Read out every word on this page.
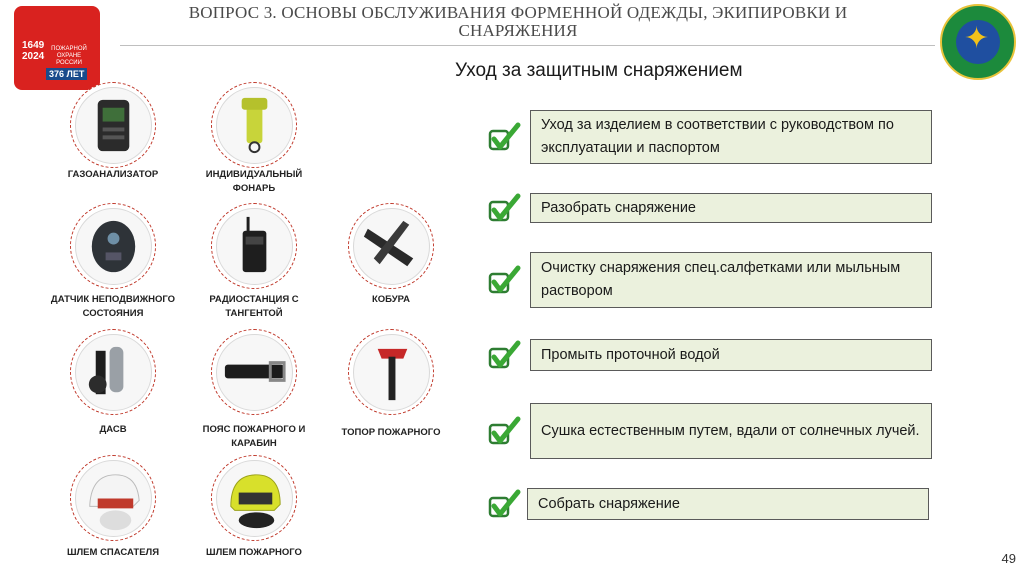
1649
2024
ПОЖАРНОЙ ОХРАНЕ РОССИИ
376 ЛЕТ
ВОПРОС 3. ОСНОВЫ ОБСЛУЖИВАНИЯ ФОРМЕННОЙ ОДЕЖДЫ, ЭКИПИРОВКИ И
СНАРЯЖЕНИЯ	✦
Уход за защитным снаряжением
ГАЗОАНАЛИЗАТОР	ИНДИВИДУАЛЬНЫЙ ФОНАРЬ
ДАТЧИК НЕПОДВИЖНОГО СОСТОЯНИЯ
РАДИОСТАНЦИЯ С ТАНГЕНТОЙ
КОБУРА
ДАСВ	ПОЯС ПОЖАРНОГО И КАРАБИН
ТОПОР ПОЖАРНОГО
ШЛЕМ СПАСАТЕЛЯ	ШЛЕМ ПОЖАРНОГО
Уход за изделием в соответствии с руководством по эксплуатации и паспортом
Разобрать снаряжение
Очистку снаряжения спец.салфетками или мыльным раствором
Промыть проточной водой
Сушка естественным путем, вдали от солнечных лучей.
Собрать снаряжение
49
